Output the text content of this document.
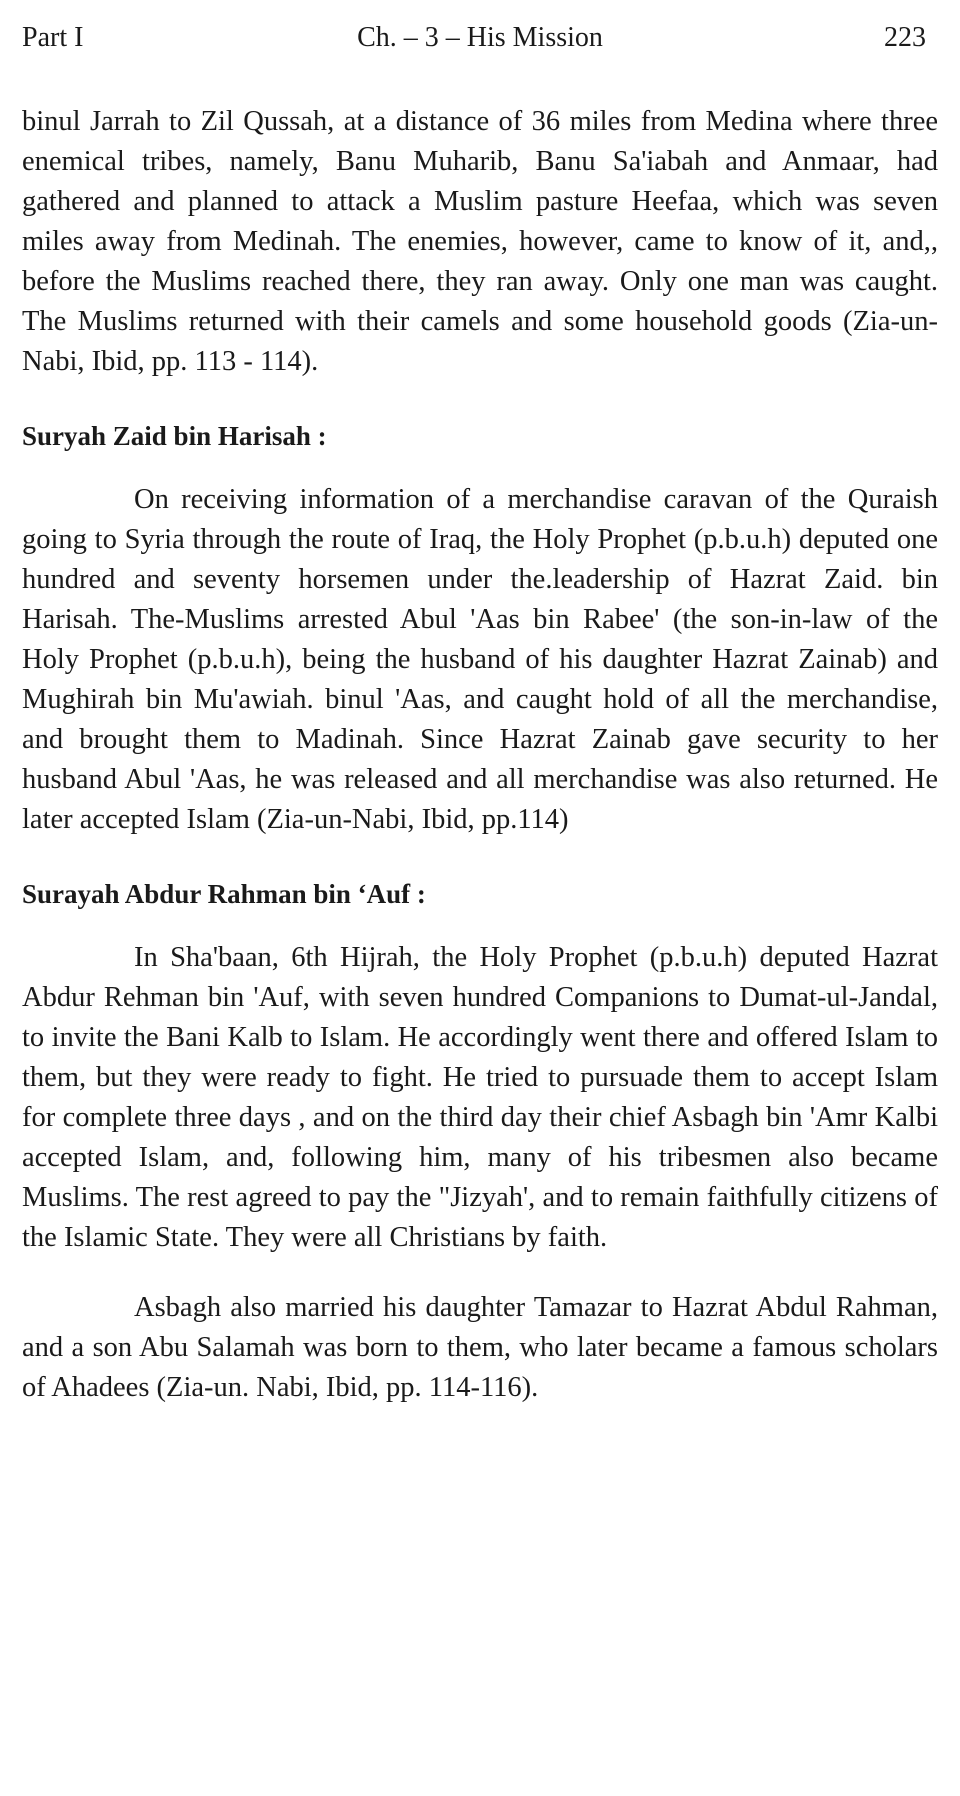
Part I	Ch. – 3 – His Mission	223

binul Jarrah to Zil Qussah, at a distance of 36 miles from Medina where three enemical tribes, namely, Banu Muharib, Banu Sa'iabah and Anmaar, had gathered and planned to attack a Muslim pasture Heefaa, which was seven miles away from Medinah. The enemies, however, came to know of it, and,, before the Muslims reached there, they ran away. Only one man was caught. The Muslims returned with their camels and some household goods (Zia-un-Nabi, Ibid, pp. 113 - 114).

Suryah Zaid bin Harisah :

On receiving information of a merchandise caravan of the Quraish going to Syria through the route of Iraq, the Holy Prophet (p.b.u.h) deputed one hundred and seventy horsemen under the.leadership of Hazrat Zaid. bin Harisah. The-Muslims arrested Abul 'Aas bin Rabee' (the son-in-law of the Holy Prophet (p.b.u.h), being the husband of his daughter Hazrat Zainab) and Mughirah bin Mu'awiah. binul 'Aas, and caught hold of all the merchandise, and brought them to Madinah. Since Hazrat Zainab gave security to her husband Abul 'Aas, he was released and all merchandise was also returned. He later accepted Islam (Zia-un-Nabi, Ibid, pp.114)

Surayah Abdur Rahman bin ‘Auf :

In Sha'baan, 6th Hijrah, the Holy Prophet (p.b.u.h) deputed Hazrat Abdur Rehman bin 'Auf, with seven hundred Companions to Dumat-ul-Jandal, to invite the Bani Kalb to Islam. He accordingly went there and offered Islam to them, but they were ready to fight. He tried to pursuade them to accept Islam for complete three days , and on the third day their chief Asbagh bin 'Amr Kalbi accepted Islam, and, following him, many of his tribesmen also became Muslims. The rest agreed to pay the "Jizyah', and to remain faithfully citizens of the Islamic State. They were all Christians by faith.

Asbagh also married his daughter Tamazar to Hazrat Abdul Rahman, and a son Abu Salamah was born to them, who later became a famous scholars of Ahadees (Zia-un. Nabi, Ibid, pp. 114-116).
